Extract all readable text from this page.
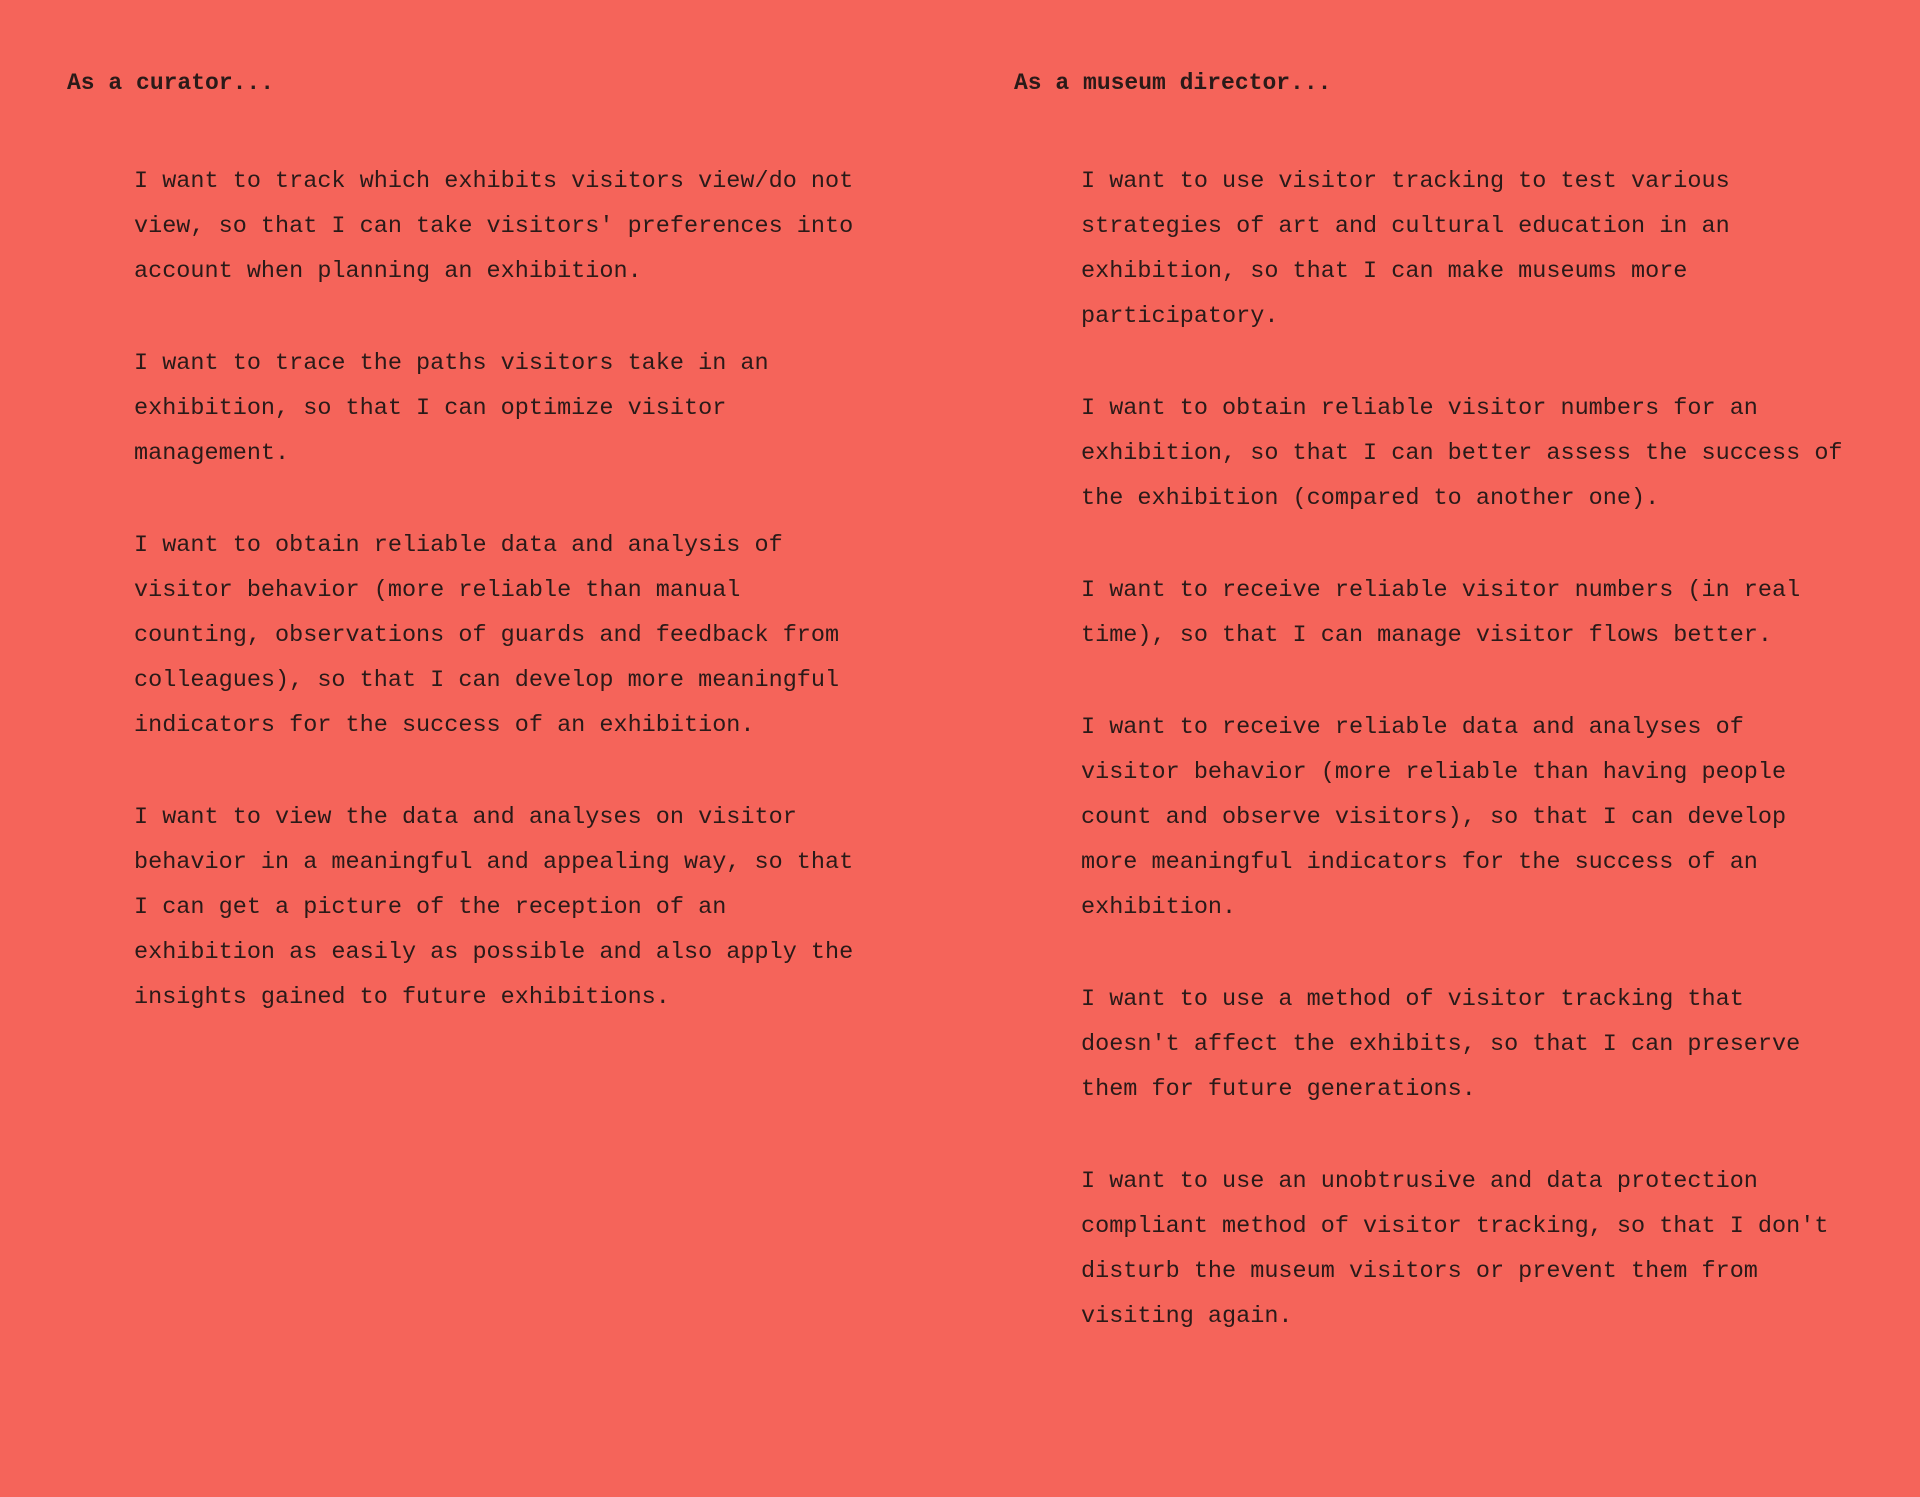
As a curator...
I want to track which exhibits visitors view/do not view, so that I can take visitors' preferences into account when planning an exhibition.
I want to trace the paths visitors take in an exhibition, so that I can optimize visitor management.
I want to obtain reliable data and analysis of visitor behavior (more reliable than manual counting, observations of guards and feedback from colleagues), so that I can develop more meaningful indicators for the success of an exhibition.
I want to view the data and analyses on visitor behavior in a meaningful and appealing way, so that I can get a picture of the reception of an exhibition as easily as possible and also apply the insights gained to future exhibitions.
As a museum director...
I want to use visitor tracking to test various strategies of art and cultural education in an exhibition, so that I can make museums more participatory.
I want to obtain reliable visitor numbers for an exhibition, so that I can better assess the success of the exhibition (compared to another one).
I want to receive reliable visitor numbers (in real time), so that I can manage visitor flows better.
I want to receive reliable data and analyses of visitor behavior (more reliable than having people count and observe visitors), so that I can develop more meaningful indicators for the success of an exhibition.
I want to use a method of visitor tracking that doesn't affect the exhibits, so that I can preserve them for future generations.
I want to use an unobtrusive and data protection compliant method of visitor tracking, so that I don't disturb the museum visitors or prevent them from visiting again.
